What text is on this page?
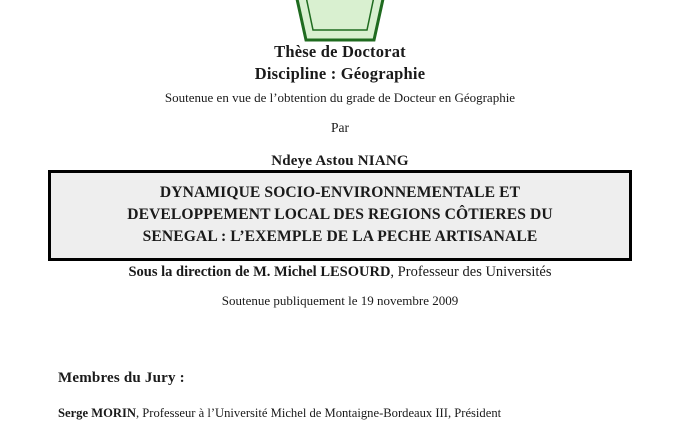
Thèse de Doctorat
Discipline : Géographie
Soutenue en vue de l’obtention du grade de Docteur en Géographie
Par
Ndeye Astou NIANG
DYNAMIQUE SOCIO-ENVIRONNEMENTALE ET
DEVELOPPEMENT LOCAL DES REGIONS CÔTIERES DU
SENEGAL : L’EXEMPLE DE LA PECHE ARTISANALE
Sous la direction de M. Michel LESOURD, Professeur des Universités
Soutenue publiquement le 19 novembre 2009
Membres du Jury :
Serge MORIN, Professeur à l’Université Michel de Montaigne-Bordeaux III, Président
